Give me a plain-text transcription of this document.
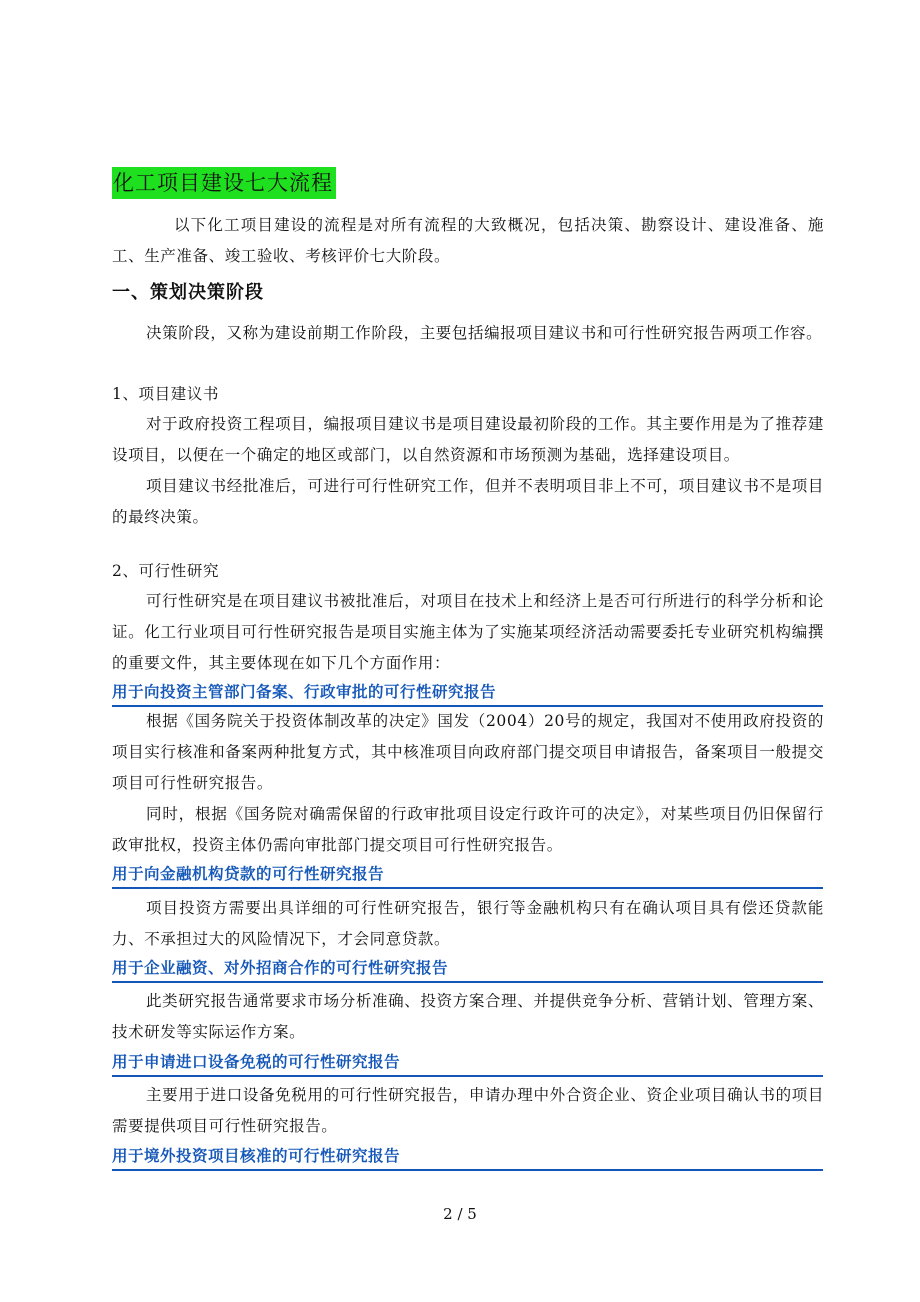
化工项目建设七大流程

以下化工项目建设的流程是对所有流程的大致概况，包括决策、勘察设计、建设准备、施工、生产准备、竣工验收、考核评价七大阶段。

一、策划决策阶段

决策阶段，又称为建设前期工作阶段，主要包括编报项目建议书和可行性研究报告两项工作容。

1、项目建议书

对于政府投资工程项目，编报项目建议书是项目建设最初阶段的工作。其主要作用是为了推荐建设项目，以便在一个确定的地区或部门，以自然资源和市场预测为基础，选择建设项目。

项目建议书经批准后，可进行可行性研究工作，但并不表明项目非上不可，项目建议书不是项目的最终决策。

2、可行性研究

可行性研究是在项目建议书被批准后，对项目在技术上和经济上是否可行所进行的科学分析和论证。化工行业项目可行性研究报告是项目实施主体为了实施某项经济活动需要委托专业研究机构编撰的重要文件，其主要体现在如下几个方面作用：

用于向投资主管部门备案、行政审批的可行性研究报告

根据《国务院关于投资体制改革的决定》国发（2004）20号的规定，我国对不使用政府投资的项目实行核准和备案两种批复方式，其中核准项目向政府部门提交项目申请报告，备案项目一般提交项目可行性研究报告。

同时，根据《国务院对确需保留的行政审批项目设定行政许可的决定》，对某些项目仍旧保留行政审批权，投资主体仍需向审批部门提交项目可行性研究报告。

用于向金融机构贷款的可行性研究报告

项目投资方需要出具详细的可行性研究报告，银行等金融机构只有在确认项目具有偿还贷款能力、不承担过大的风险情况下，才会同意贷款。

用于企业融资、对外招商合作的可行性研究报告

此类研究报告通常要求市场分析准确、投资方案合理、并提供竞争分析、营销计划、管理方案、技术研发等实际运作方案。

用于申请进口设备免税的可行性研究报告

主要用于进口设备免税用的可行性研究报告，申请办理中外合资企业、资企业项目确认书的项目需要提供项目可行性研究报告。

用于境外投资项目核准的可行性研究报告
2 / 5
